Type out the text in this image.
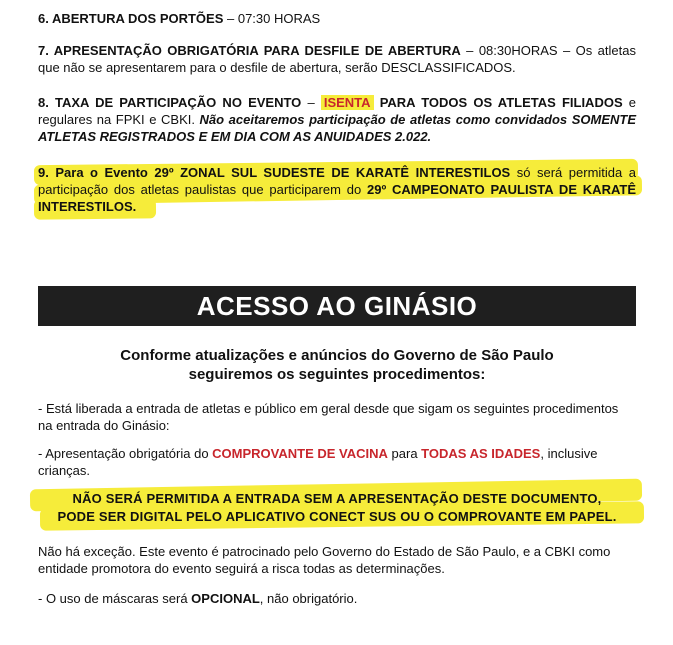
6. ABERTURA DOS PORTÕES – 07:30 HORAS
7. APRESENTAÇÃO OBRIGATÓRIA PARA DESFILE DE ABERTURA – 08:30HORAS – Os atletas que não se apresentarem para o desfile de abertura, serão DESCLASSIFICADOS.
8. TAXA DE PARTICIPAÇÃO NO EVENTO – ISENTA PARA TODOS OS ATLETAS FILIADOS e regulares na FPKI e CBKI. Não aceitaremos participação de atletas como convidados SOMENTE ATLETAS REGISTRADOS E EM DIA COM AS ANUIDADES 2.022.
9. Para o Evento 29º ZONAL SUL SUDESTE DE KARATÊ INTERESTILOS só será permitida a participação dos atletas paulistas que participarem do 29º CAMPEONATO PAULISTA DE KARATÊ INTERESTILOS.
ACESSO AO GINÁSIO
Conforme atualizações e anúncios do Governo de São Paulo
seguiremos os seguintes procedimentos:
- Está liberada a entrada de atletas e público em geral desde que sigam os seguintes procedimentos na entrada do Ginásio:
- Apresentação obrigatória do COMPROVANTE DE VACINA para TODAS AS IDADES, inclusive crianças.
NÃO SERÁ PERMITIDA A ENTRADA SEM A APRESENTAÇÃO DESTE DOCUMENTO,
PODE SER DIGITAL PELO APLICATIVO CONECT SUS OU O COMPROVANTE EM PAPEL.
Não há exceção. Este evento é patrocinado pelo Governo do Estado de São Paulo, e a CBKI como entidade promotora do evento seguirá a risca todas as determinações.
- O uso de máscaras será OPCIONAL, não obrigatório.
